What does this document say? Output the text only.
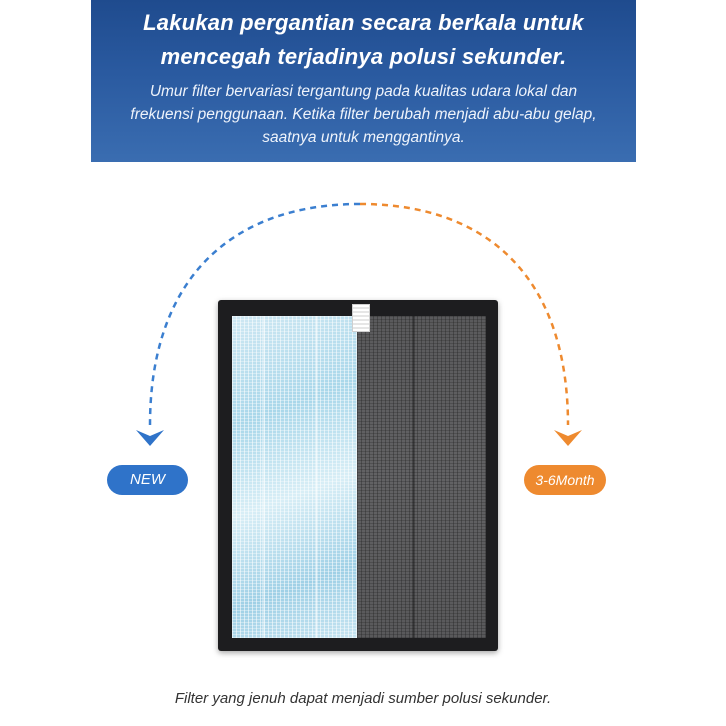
Lakukan pergantian secara berkala untuk
mencegah terjadinya polusi sekunder.
Umur filter bervariasi tergantung pada kualitas udara lokal dan
frekuensi penggunaan. Ketika filter berubah menjadi abu-abu gelap,
saatnya untuk menggantinya.
NEW	3-6Month
Filter yang jenuh dapat menjadi sumber polusi sekunder.
